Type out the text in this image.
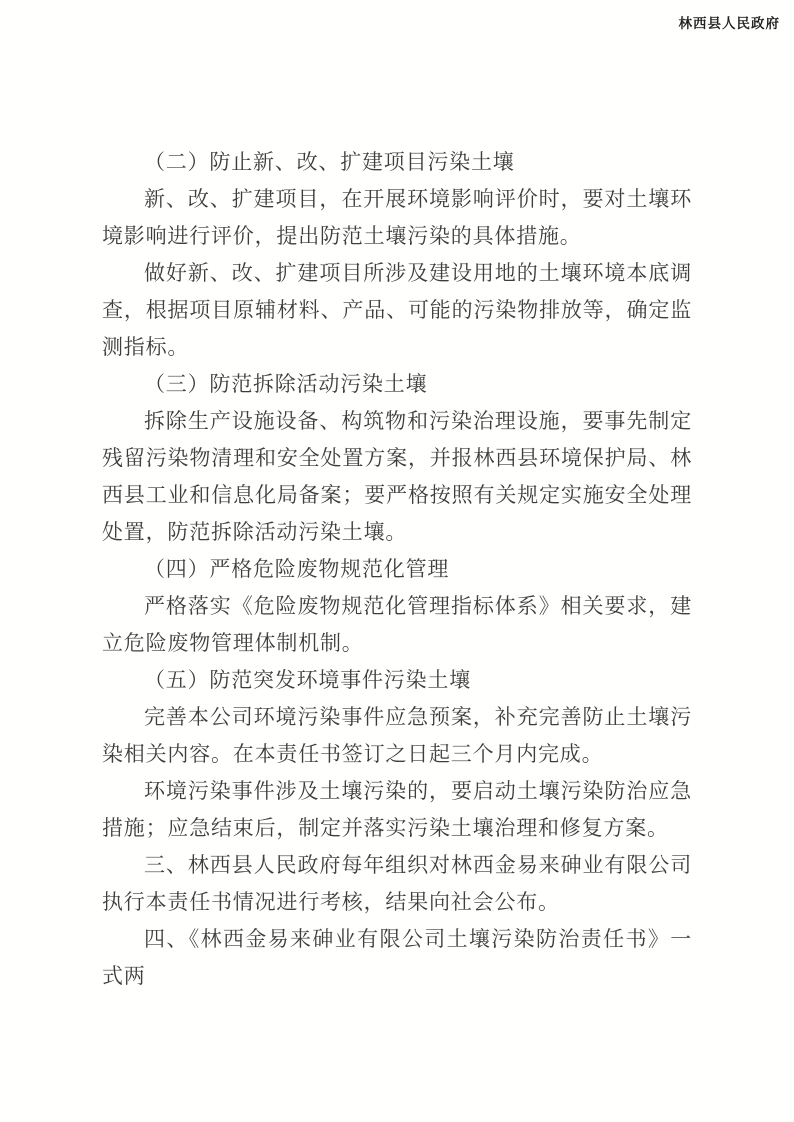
林西县人民政府

（二）防止新、改、扩建项目污染土壤

新、改、扩建项目，在开展环境影响评价时，要对土壤环境影响进行评价，提出防范土壤污染的具体措施。

做好新、改、扩建项目所涉及建设用地的土壤环境本底调查，根据项目原辅材料、产品、可能的污染物排放等，确定监测指标。

（三）防范拆除活动污染土壤

拆除生产设施设备、构筑物和污染治理设施，要事先制定残留污染物清理和安全处置方案，并报林西县环境保护局、林西县工业和信息化局备案；要严格按照有关规定实施安全处理处置，防范拆除活动污染土壤。

（四）严格危险废物规范化管理

严格落实《危险废物规范化管理指标体系》相关要求，建立危险废物管理体制机制。

（五）防范突发环境事件污染土壤

完善本公司环境污染事件应急预案，补充完善防止土壤污染相关内容。在本责任书签订之日起三个月内完成。

环境污染事件涉及土壤污染的，要启动土壤污染防治应急措施；应急结束后，制定并落实污染土壤治理和修复方案。

三、林西县人民政府每年组织对林西金易来砷业有限公司执行本责任书情况进行考核，结果向社会公布。

四、《林西金易来砷业有限公司土壤污染防治责任书》一式两
